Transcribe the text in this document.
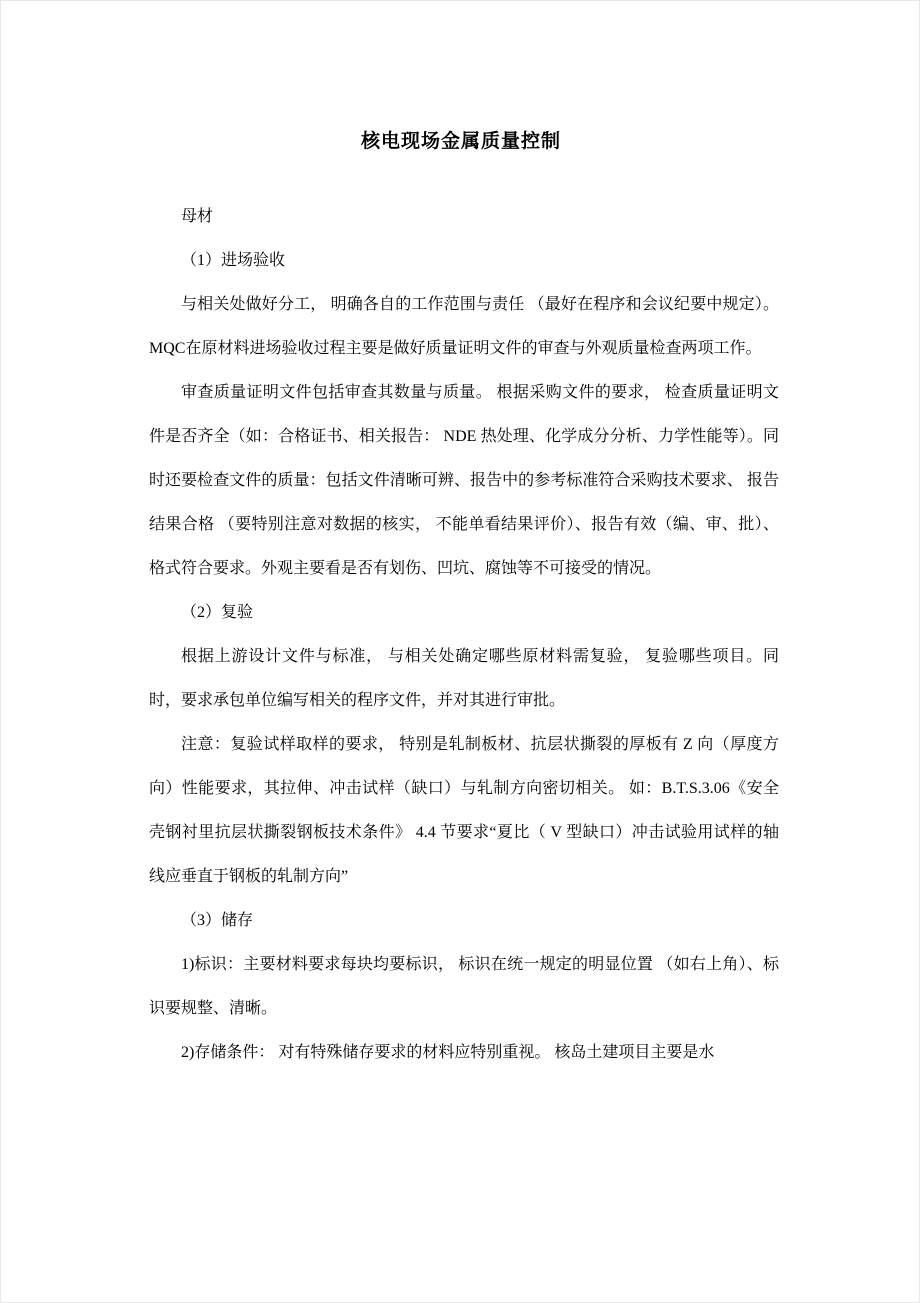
核电现场金属质量控制

母材

（1）进场验收

与相关处做好分工， 明确各自的工作范围与责任 （最好在程序和会议纪要中规定）。 MQC在原材料进场验收过程主要是做好质量证明文件的审查与外观质量检查两项工作。

审查质量证明文件包括审查其数量与质量。 根据采购文件的要求， 检查质量证明文件是否齐全（如：合格证书、相关报告： NDE 热处理、化学成分分析、力学性能等）。同时还要检查文件的质量：包括文件清晰可辨、报告中的参考标准符合采购技术要求、 报告结果合格 （要特别注意对数据的核实， 不能单看结果评价）、报告有效（编、审、批）、格式符合要求。外观主要看是否有划伤、凹坑、腐蚀等不可接受的情况。

（2）复验

根据上游设计文件与标准， 与相关处确定哪些原材料需复验， 复验哪些项目。同时，要求承包单位编写相关的程序文件，并对其进行审批。

注意：复验试样取样的要求， 特别是轧制板材、抗层状撕裂的厚板有 Z 向（厚度方向）性能要求，其拉伸、冲击试样（缺口）与轧制方向密切相关。 如：B.T.S.3.06《安全壳钢衬里抗层状撕裂钢板技术条件》 4.4 节要求“夏比（ V 型缺口）冲击试验用试样的轴线应垂直于钢板的轧制方向”

（3）储存

1)标识：主要材料要求每块均要标识， 标识在统一规定的明显位置 （如右上角）、标识要规整、清晰。

2)存储条件： 对有特殊储存要求的材料应特别重视。 核岛土建项目主要是水
